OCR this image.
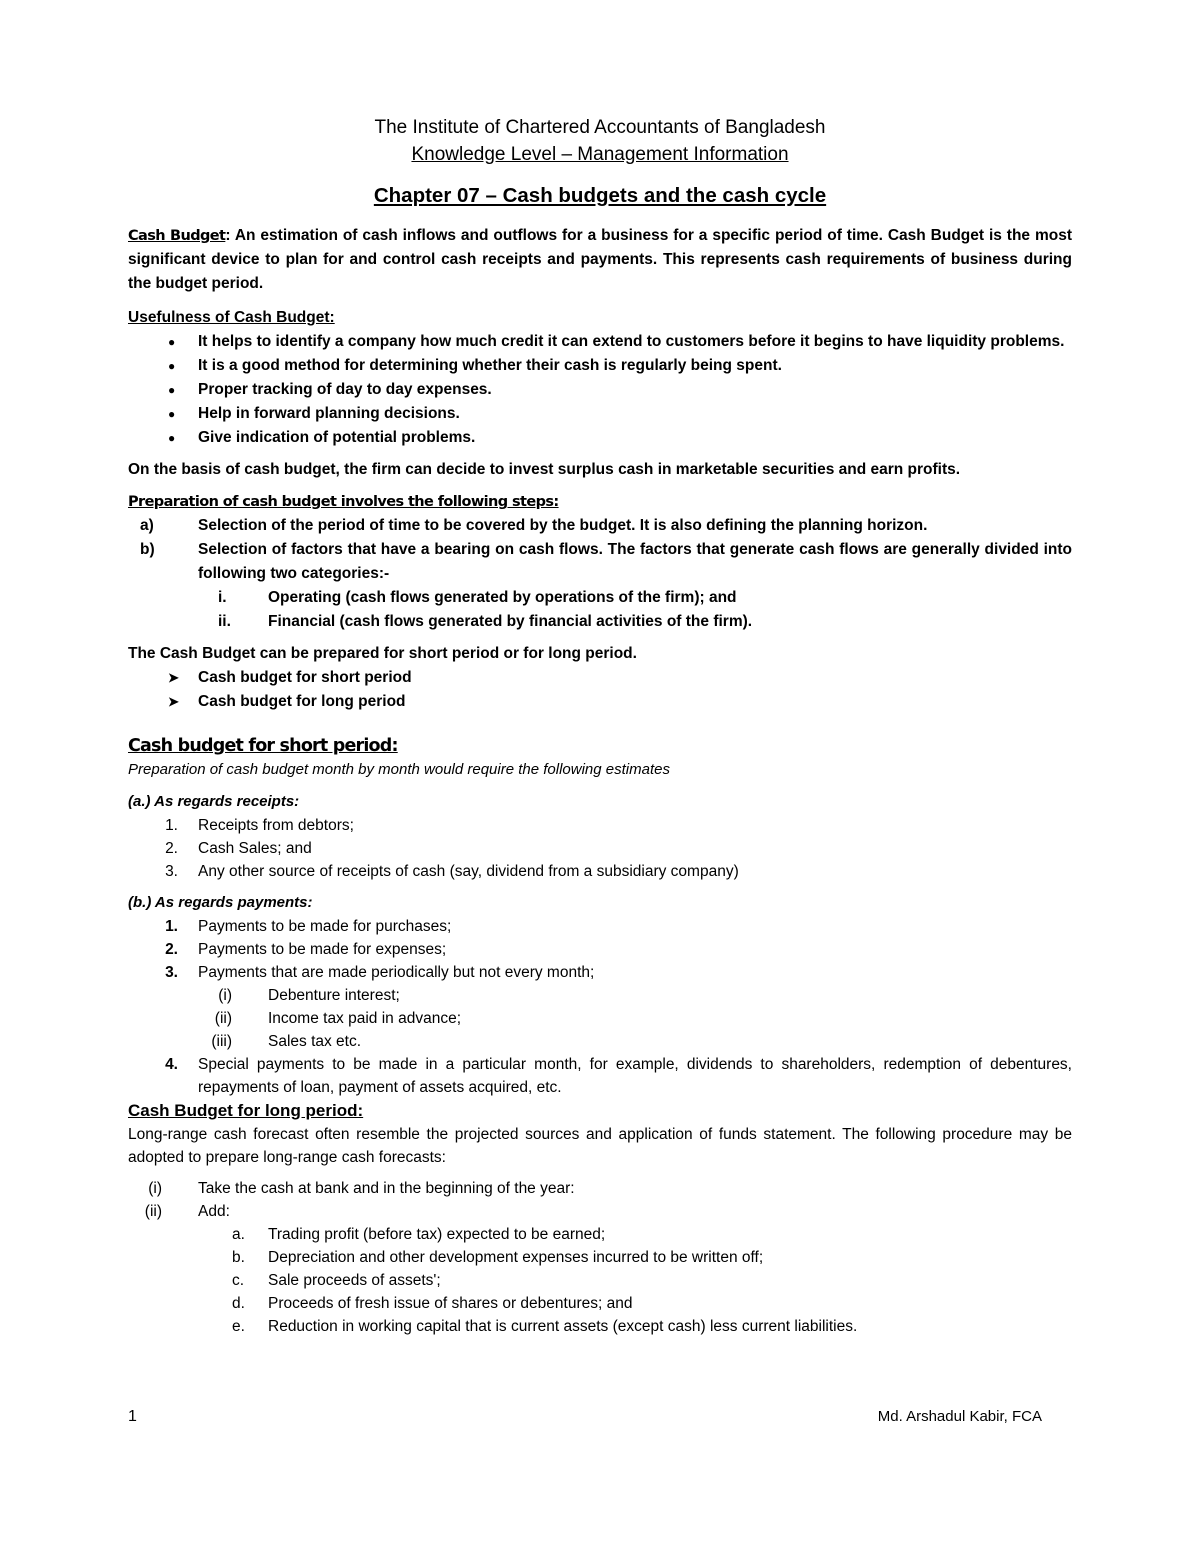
The Institute of Chartered Accountants of Bangladesh
Knowledge Level – Management Information
Chapter 07 – Cash budgets and the cash cycle

Cash Budget: An estimation of cash inflows and outflows for a business for a specific period of time. Cash Budget is the most significant device to plan for and control cash receipts and payments. This represents cash requirements of business during the budget period.

Usefulness of Cash Budget:

● It helps to identify a company how much credit it can extend to customers before it begins to have liquidity problems.
● It is a good method for determining whether their cash is regularly being spent.
● Proper tracking of day to day expenses.
● Help in forward planning decisions.
● Give indication of potential problems.

On the basis of cash budget, the firm can decide to invest surplus cash in marketable securities and earn profits.

Preparation of cash budget involves the following steps:

a)	Selection of the period of time to be covered by the budget. It is also defining the planning horizon.
b)	Selection of factors that have a bearing on cash flows. The factors that generate cash flows are generally divided into following two categories:-
i.	Operating (cash flows generated by operations of the firm); and
ii.	Financial (cash flows generated by financial activities of the firm).

The Cash Budget can be prepared for short period or for long period.

➤ Cash budget for short period
➤ Cash budget for long period

Cash budget for short period:

Preparation of cash budget month by month would require the following estimates

(a.) As regards receipts:

1. Receipts from debtors;
2. Cash Sales; and
3. Any other source of receipts of cash (say, dividend from a subsidiary company)

(b.) As regards payments:

1. Payments to be made for purchases;
2. Payments to be made for expenses;
3. Payments that are made periodically but not every month;
(i) Debenture interest;
(ii) Income tax paid in advance;
(iii) Sales tax etc.
4. Special payments to be made in a particular month, for example, dividends to shareholders, redemption of debentures, repayments of loan, payment of assets acquired, etc.

Cash Budget for long period:

Long-range cash forecast often resemble the projected sources and application of funds statement. The following procedure may be adopted to prepare long-range cash forecasts:

(i) Take the cash at bank and in the beginning of the year:
(ii) Add:
a.	Trading profit (before tax) expected to be earned;
b.	Depreciation and other development expenses incurred to be written off;
c.	Sale proceeds of assets';
d.	Proceeds of fresh issue of shares or debentures; and
e.	Reduction in working capital that is current assets (except cash) less current liabilities.
1	Md. Arshadul Kabir, FCA
